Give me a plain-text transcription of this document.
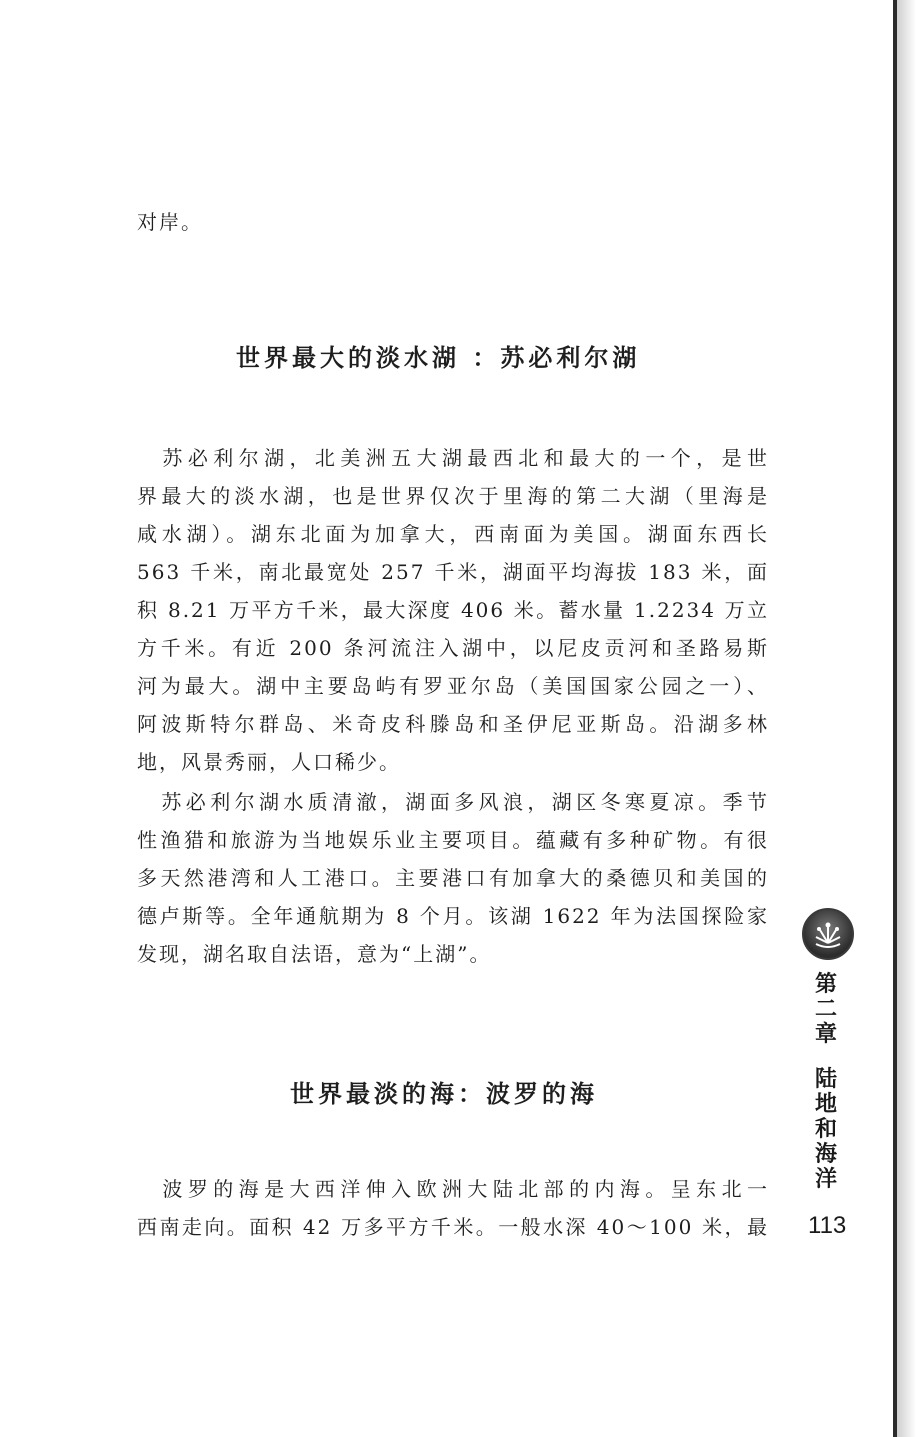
对岸。
世界最大的淡水湖 ：苏必利尔湖
　苏必利尔湖，北美洲五大湖最西北和最大的一个，是世
界最大的淡水湖，也是世界仅次于里海的第二大湖（里海是
咸水湖）。湖东北面为加拿大，西南面为美国。湖面东西长
563 千米，南北最宽处 257 千米，湖面平均海拔 183 米，面
积 8.21 万平方千米，最大深度 406 米。蓄水量 1.2234 万立
方千米。有近 200 条河流注入湖中，以尼皮贡河和圣路易斯
河为最大。湖中主要岛屿有罗亚尔岛（美国国家公园之一）、
阿波斯特尔群岛、米奇皮科滕岛和圣伊尼亚斯岛。沿湖多林
地，风景秀丽，人口稀少。
　苏必利尔湖水质清澈，湖面多风浪，湖区冬寒夏凉。季节
性渔猎和旅游为当地娱乐业主要项目。蕴藏有多种矿物。有很
多天然港湾和人工港口。主要港口有加拿大的桑德贝和美国的
德卢斯等。全年通航期为 8 个月。该湖 1622 年为法国探险家
发现，湖名取自法语，意为“上湖”。
世界最淡的海：波罗的海
　波罗的海是大西洋伸入欧洲大陆北部的内海。呈东北一
西南走向。面积 42 万多平方千米。一般水深 40～100 米，最
第二章
陆地和海洋
113
